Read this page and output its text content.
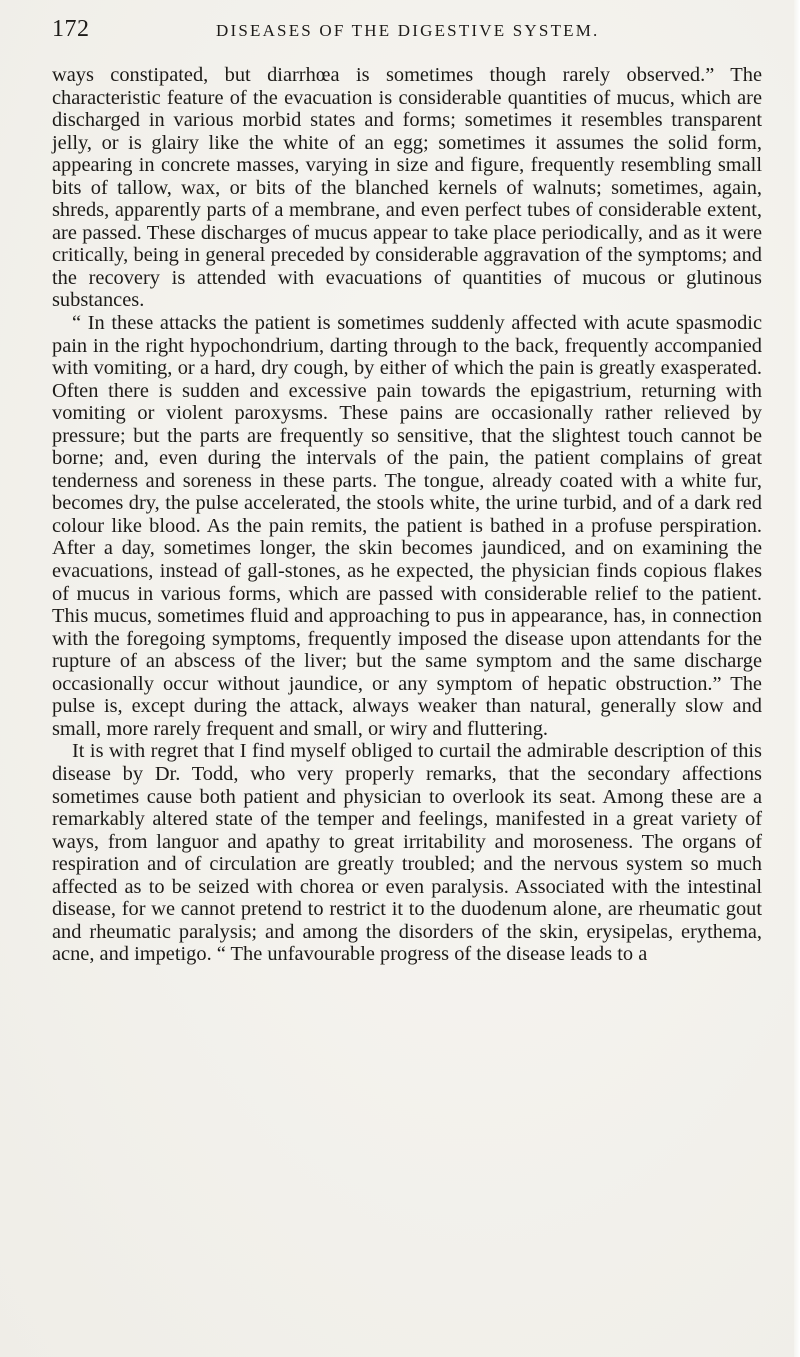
172	DISEASES OF THE DIGESTIVE SYSTEM.

ways constipated, but diarrhœa is sometimes though rarely observed.” The characteristic feature of the evacuation is considerable quantities of mucus, which are discharged in various morbid states and forms; sometimes it resembles transparent jelly, or is glairy like the white of an egg; sometimes it assumes the solid form, appearing in concrete masses, varying in size and figure, frequently resembling small bits of tallow, wax, or bits of the blanched kernels of walnuts; sometimes, again, shreds, apparently parts of a membrane, and even perfect tubes of considerable extent, are passed. These discharges of mucus appear to take place periodically, and as it were critically, being in general preceded by considerable aggravation of the symptoms; and the recovery is attended with evacuations of quantities of mucous or glutinous substances.

“ In these attacks the patient is sometimes suddenly affected with acute spasmodic pain in the right hypochondrium, darting through to the back, frequently accompanied with vomiting, or a hard, dry cough, by either of which the pain is greatly exasperated. Often there is sudden and excessive pain towards the epigastrium, returning with vomiting or violent paroxysms. These pains are occasionally rather relieved by pressure; but the parts are frequently so sensitive, that the slightest touch cannot be borne; and, even during the intervals of the pain, the patient complains of great tenderness and soreness in these parts. The tongue, already coated with a white fur, becomes dry, the pulse accelerated, the stools white, the urine turbid, and of a dark red colour like blood. As the pain remits, the patient is bathed in a profuse perspiration. After a day, sometimes longer, the skin becomes jaundiced, and on examining the evacuations, instead of gall-stones, as he expected, the physician finds copious flakes of mucus in various forms, which are passed with considerable relief to the patient. This mucus, sometimes fluid and approaching to pus in appearance, has, in connection with the foregoing symptoms, frequently imposed the disease upon attendants for the rupture of an abscess of the liver; but the same symptom and the same discharge occasionally occur without jaundice, or any symptom of hepatic obstruction.” The pulse is, except during the attack, always weaker than natural, generally slow and small, more rarely frequent and small, or wiry and fluttering.

It is with regret that I find myself obliged to curtail the admirable description of this disease by Dr. Todd, who very properly remarks, that the secondary affections sometimes cause both patient and physician to overlook its seat. Among these are a remarkably altered state of the temper and feelings, manifested in a great variety of ways, from languor and apathy to great irritability and moroseness. The organs of respiration and of circulation are greatly troubled; and the nervous system so much affected as to be seized with chorea or even paralysis. Associated with the intestinal disease, for we cannot pretend to restrict it to the duodenum alone, are rheumatic gout and rheumatic paralysis; and among the disorders of the skin, erysipelas, erythema, acne, and impetigo. “ The unfavourable progress of the disease leads to a
